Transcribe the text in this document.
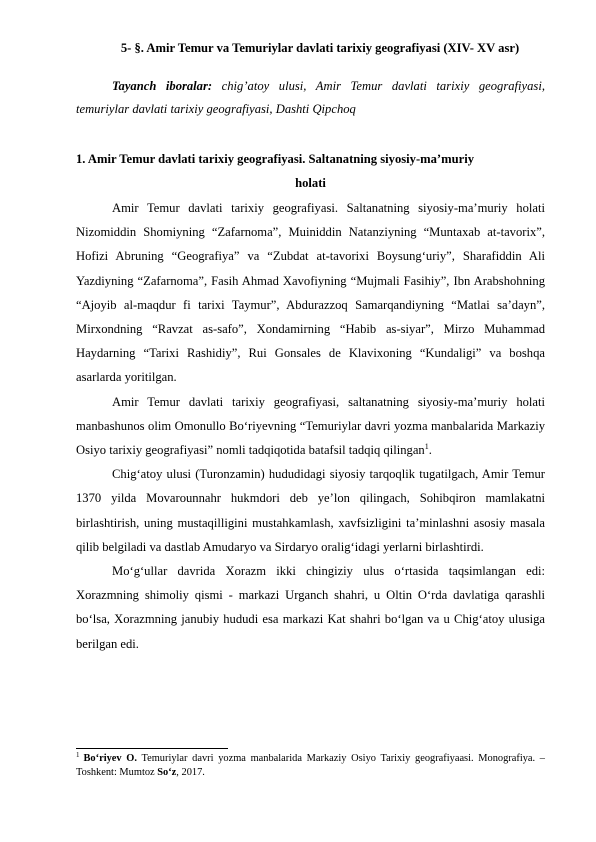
5- §. Amir Temur va Temuriylar davlati tarixiy geografiyasi (XIV- XV asr)
Tayanch iboralar: chig’atoy ulusi, Amir Temur davlati tarixiy geografiyasi, temuriylar davlati tarixiy geografiyasi, Dashti Qipchoq
1. Amir Temur davlati tarixiy geografiyasi. Saltanatning siyosiy-ma’muriy
holati

Amir Temur davlati tarixiy geografiyasi. Saltanatning siyosiy-ma’muriy holati Nizomiddin Shomiyning “Zafarnoma”, Muiniddin Natanziyning “Muntaxab at-tavorix”, Hofizi Abruning “Geografiya” va “Zubdat at-tavorixi Boysung‘uriy”, Sharafiddin Ali Yazdiyning “Zafarnoma”, Fasih Ahmad Xavofiyning “Mujmali Fasihiy”, Ibn Arabshohning “Ajoyib al-maqdur fi tarixi Taymur”, Abdurazzoq Samarqandiyning “Matlai sa’dayn”, Mirxondning “Ravzat as-safo”, Xondamirning “Habib as-siyar”, Mirzo Muhammad Haydarning “Tarixi Rashidiy”, Rui Gonsales de Klavixoning “Kundaligi” va boshqa asarlarda yoritilgan.

Amir Temur davlati tarixiy geografiyasi, saltanatning siyosiy-ma’muriy holati manbashunos olim Omonullo Bo‘riyevning “Temuriylar davri yozma manbalarida Markaziy Osiyo tarixiy geografiyasi” nomli tadqiqotida batafsil tadqiq qilingan$^1$.

Chig‘atoy ulusi (Turonzamin) hududidagi siyosiy tarqoqlik tugatilgach, Amir Temur 1370 yilda Movarounnahr hukmdori deb ye’lon qilingach, Sohibqiron mamlakatni birlashtirish, uning mustaqilligini mustahkamlash, xavfsizligini ta’minlashni asosiy masala qilib belgiladi va dastlab Amudaryo va Sirdaryo oralig‘idagi yerlarni birlashtirdi.

Mo‘g‘ullar davrida Xorazm ikki chingiziy ulus o‘rtasida taqsimlangan edi: Xorazmning shimoliy qismi - markazi Urganch shahri, u Oltin O‘rda davlatiga qarashli bo‘lsa, Xorazmning janubiy hududi esa markazi Kat shahri bo‘lgan va u Chig‘atoy ulusiga berilgan edi.

$^1$ Bo‘riyev O. Temuriylar davri yozma manbalarida Markaziy Osiyo Tarixiy geografiyaasi. Monografiya. – Toshkent: Mumtoz So‘z, 2017.
